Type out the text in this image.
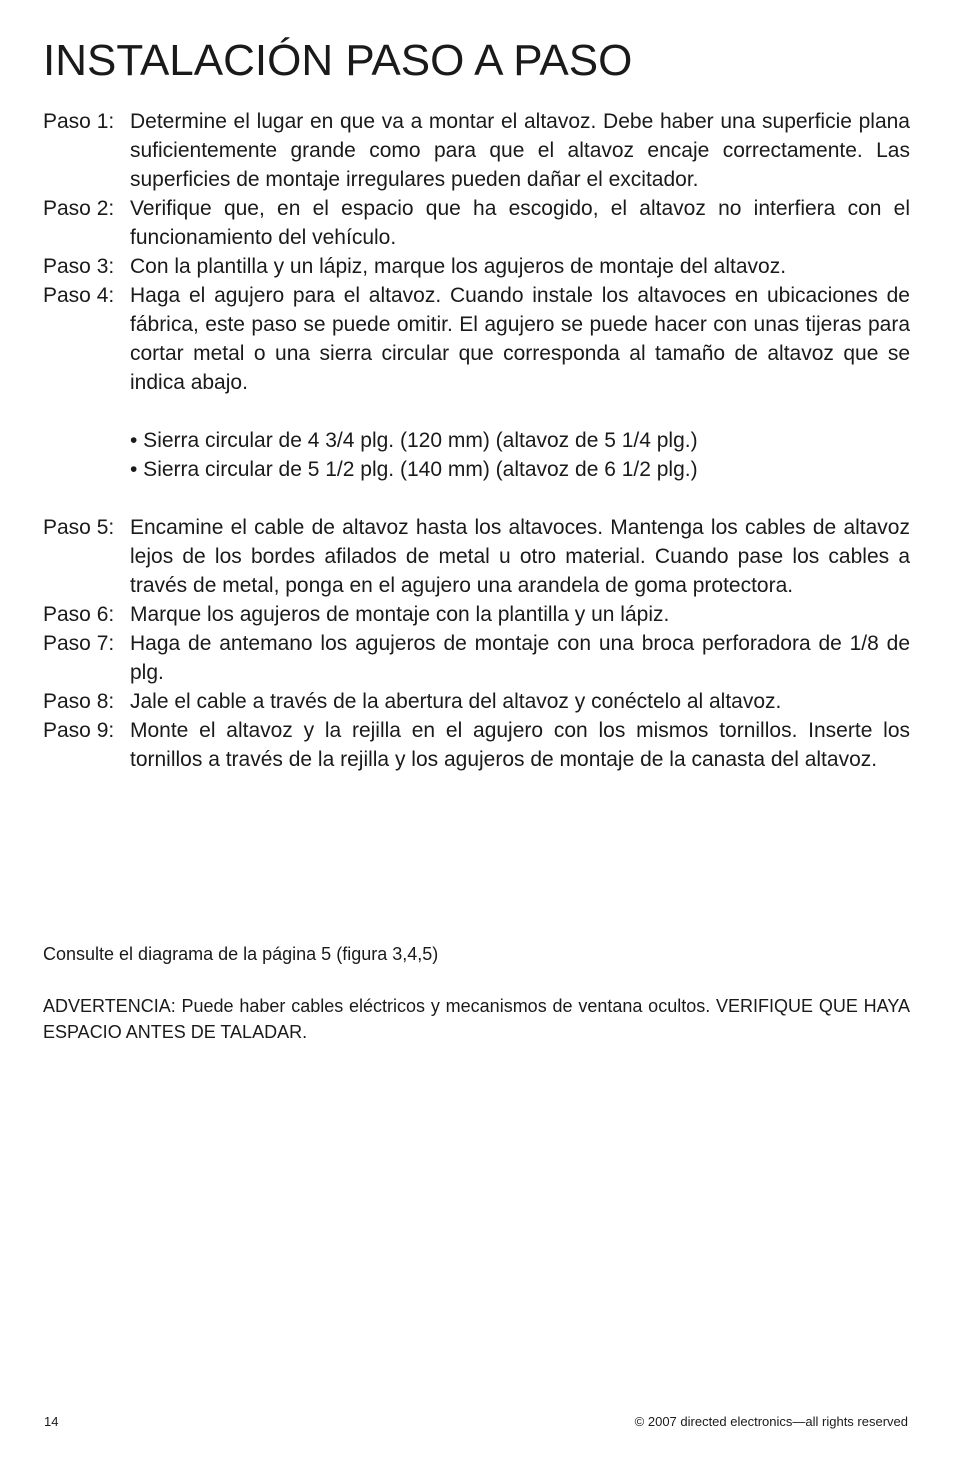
INSTALACIÓN PASO A PASO
Paso 1: Determine el lugar en que va a montar el altavoz. Debe haber una superficie plana suficientemente grande como para que el altavoz encaje correctamente. Las superficies de montaje irregulares pueden dañar el excitador.
Paso 2: Verifique que, en el espacio que ha escogido, el altavoz no interfiera con el funcionamiento del vehículo.
Paso 3: Con la plantilla y un lápiz, marque los agujeros de montaje del altavoz.
Paso 4: Haga el agujero para el altavoz. Cuando instale los altavoces en ubicaciones de fábrica, este paso se puede omitir. El agujero se puede hacer con unas tijeras para cortar metal o una sierra circular que corresponda al tamaño de altavoz que se indica abajo.
• Sierra circular de 4 3/4 plg. (120 mm) (altavoz de 5 1/4 plg.)
• Sierra circular de 5 1/2 plg. (140 mm) (altavoz de 6 1/2 plg.)
Paso 5: Encamine el cable de altavoz hasta los altavoces. Mantenga los cables de altavoz lejos de los bordes afilados de metal u otro material. Cuando pase los cables a través de metal, ponga en el agujero una arandela de goma protectora.
Paso 6: Marque los agujeros de montaje con la plantilla y un lápiz.
Paso 7: Haga de antemano los agujeros de montaje con una broca perforadora de 1/8 de plg.
Paso 8: Jale el cable a través de la abertura del altavoz y conéctelo al altavoz.
Paso 9: Monte el altavoz y la rejilla en el agujero con los mismos tornillos. Inserte los tornillos a través de la rejilla y los agujeros de montaje de la canasta del altavoz.
Consulte el diagrama de la página 5 (figura 3,4,5)
ADVERTENCIA: Puede haber cables eléctricos y mecanismos de ventana ocultos. VERIFIQUE QUE HAYA ESPACIO ANTES DE TALADAR.
14	© 2007 directed electronics—all rights reserved
